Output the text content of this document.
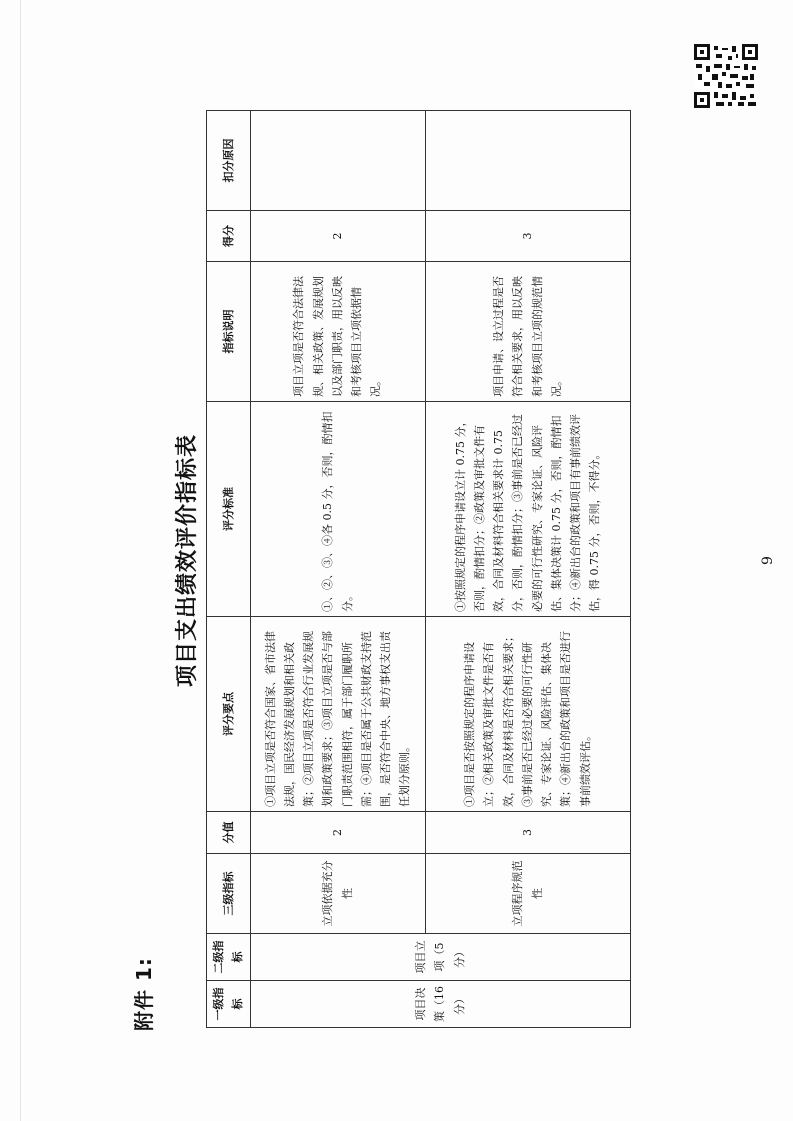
附件 1:
项目支出绩效评价指标表
一级指标	二级指标	三级指标	分值	评分要点	评分标准	指标说明	得分	扣分原因
项目决策（16分）	项目立项（5分）	立项依据充分性	2	①项目立项是否符合国家、省市法律法规，国民经济发展规划和相关政策；②项目立项是否符合行业发展规划和政策要求；③项目立项是否与部门职责范围相符，属于部门履职所需；④项目是否属于公共财政支持范围，是否符合中央、地方事权支出责任划分原则。	①、②、③、④各 0.5 分，否则，酌情扣分。	项目立项是否符合法律法规、相关政策、发展规划以及部门职责，用以反映和考核项目立项依据情况。	2	
		立项程序规范性	3	①项目是否按照规定的程序申请设立；②相关政策及审批文件是否有效，合同及材料是否符合相关要求；③事前是否已经过必要的可行性研究、专家论证、风险评估、集体决策；④新出台的政策和项目是否进行事前绩效评估。	①按照规定的程序申请设立计 0.75 分，否则，酌情扣分；②政策及审批文件有效，合同及材料符合相关要求计 0.75 分，否则，酌情扣分；③事前是否已经过必要的可行性研究、专家论证、风险评估、集体决策计 0.75 分，否则，酌情扣分；④新出台的政策和项目有事前绩效评估，得 0.75 分，否则，不得分。	项目申请、设立过程是否符合相关要求，用以反映和考核项目立项的规范情况。	3	
9
